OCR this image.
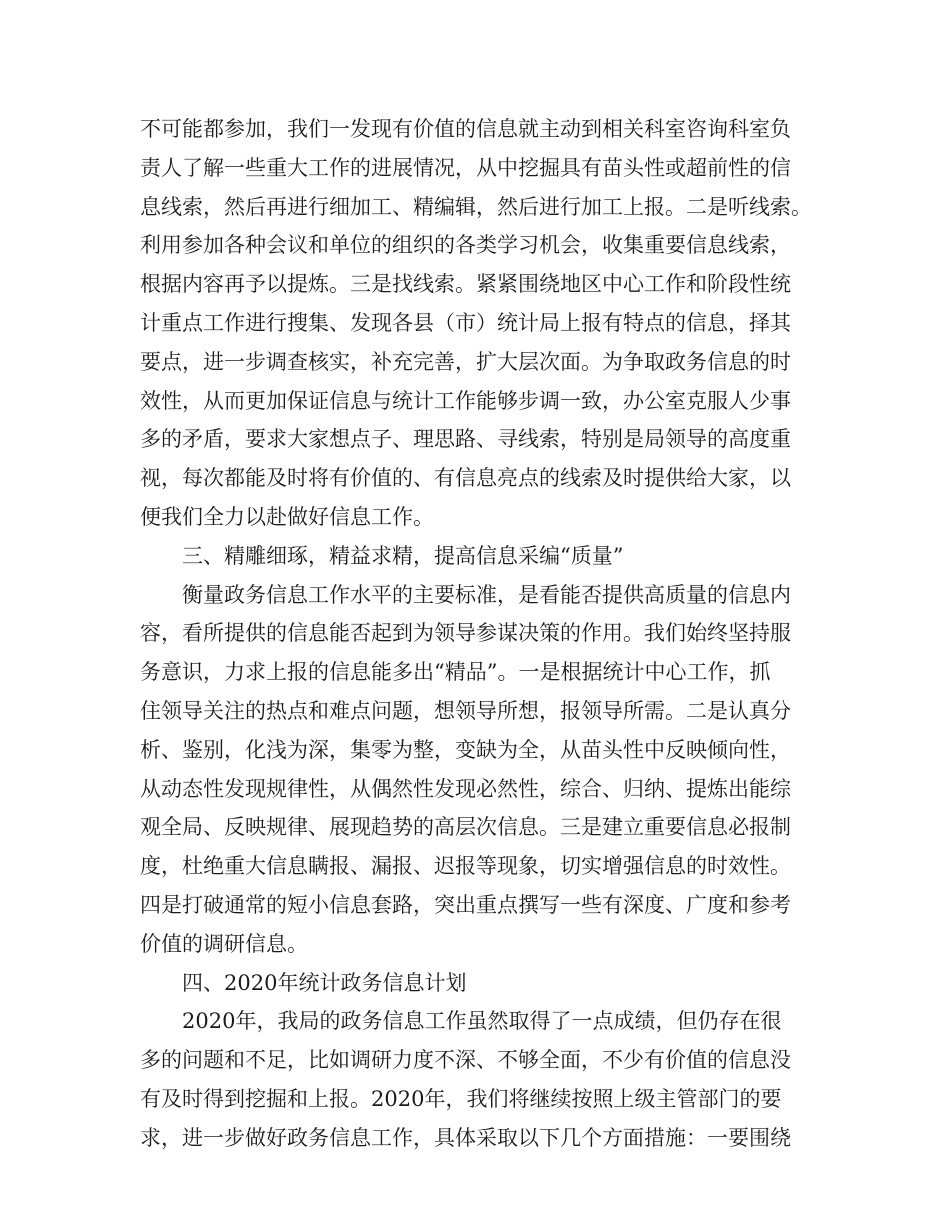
不可能都参加，我们一发现有价值的信息就主动到相关科室咨询科室负
责人了解一些重大工作的进展情况，从中挖掘具有苗头性或超前性的信
息线索，然后再进行细加工、精编辑，然后进行加工上报。二是听线索。
利用参加各种会议和单位的组织的各类学习机会，收集重要信息线索，
根据内容再予以提炼。三是找线索。紧紧围绕地区中心工作和阶段性统
计重点工作进行搜集、发现各县（市）统计局上报有特点的信息，择其
要点，进一步调查核实，补充完善，扩大层次面。为争取政务信息的时
效性，从而更加保证信息与统计工作能够步调一致，办公室克服人少事
多的矛盾，要求大家想点子、理思路、寻线索，特别是局领导的高度重
视，每次都能及时将有价值的、有信息亮点的线索及时提供给大家，以
便我们全力以赴做好信息工作。
三、精雕细琢，精益求精，提高信息采编“质量”
衡量政务信息工作水平的主要标准，是看能否提供高质量的信息内
容，看所提供的信息能否起到为领导参谋决策的作用。我们始终坚持服
务意识，力求上报的信息能多出“精品”。一是根据统计中心工作，抓
住领导关注的热点和难点问题，想领导所想，报领导所需。二是认真分
析、鉴别，化浅为深，集零为整，变缺为全，从苗头性中反映倾向性，
从动态性发现规律性，从偶然性发现必然性，综合、归纳、提炼出能综
观全局、反映规律、展现趋势的高层次信息。三是建立重要信息必报制
度，杜绝重大信息瞒报、漏报、迟报等现象，切实增强信息的时效性。
四是打破通常的短小信息套路，突出重点撰写一些有深度、广度和参考
价值的调研信息。
四、2020年统计政务信息计划
2020年，我局的政务信息工作虽然取得了一点成绩，但仍存在很
多的问题和不足，比如调研力度不深、不够全面，不少有价值的信息没
有及时得到挖掘和上报。2020年，我们将继续按照上级主管部门的要
求，进一步做好政务信息工作，具体采取以下几个方面措施：一要围绕
